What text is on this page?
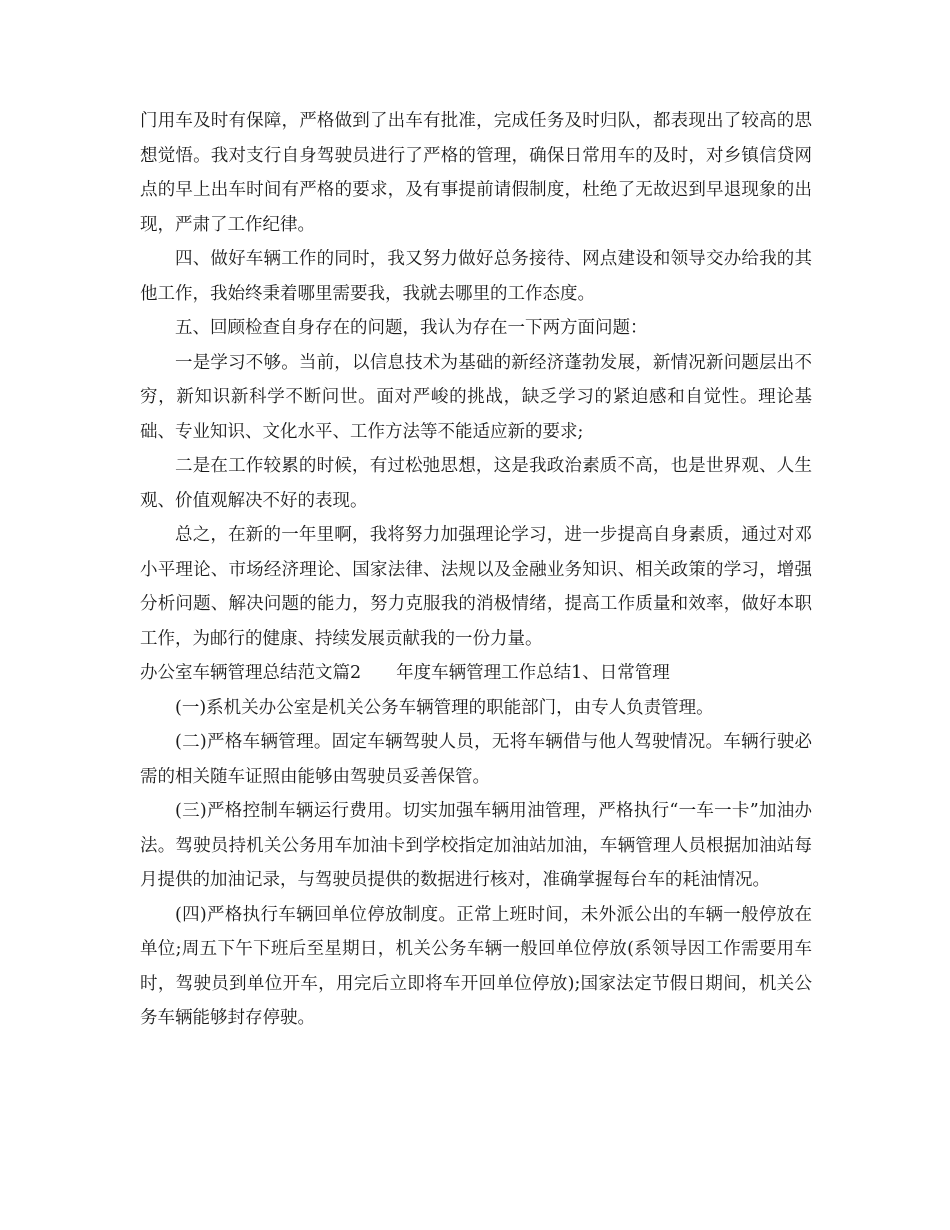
门用车及时有保障，严格做到了出车有批准，完成任务及时归队，都表现出了较高的思想觉悟。我对支行自身驾驶员进行了严格的管理，确保日常用车的及时，对乡镇信贷网点的早上出车时间有严格的要求，及有事提前请假制度，杜绝了无故迟到早退现象的出现，严肃了工作纪律。

四、做好车辆工作的同时，我又努力做好总务接待、网点建设和领导交办给我的其他工作，我始终秉着哪里需要我，我就去哪里的工作态度。

五、回顾检查自身存在的问题，我认为存在一下两方面问题：

一是学习不够。当前，以信息技术为基础的新经济蓬勃发展，新情况新问题层出不穷，新知识新科学不断问世。面对严峻的挑战，缺乏学习的紧迫感和自觉性。理论基础、专业知识、文化水平、工作方法等不能适应新的要求;

二是在工作较累的时候，有过松弛思想，这是我政治素质不高，也是世界观、人生观、价值观解决不好的表现。

总之，在新的一年里啊，我将努力加强理论学习，进一步提高自身素质，通过对邓小平理论、市场经济理论、国家法律、法规以及金融业务知识、相关政策的学习，增强分析问题、解决问题的能力，努力克服我的消极情绪，提高工作质量和效率，做好本职工作，为邮行的健康、持续发展贡献我的一份力量。

办公室车辆管理总结范文篇2　　年度车辆管理工作总结1、日常管理

(一)系机关办公室是机关公务车辆管理的职能部门，由专人负责管理。

(二)严格车辆管理。固定车辆驾驶人员，无将车辆借与他人驾驶情况。车辆行驶必需的相关随车证照由能够由驾驶员妥善保管。

(三)严格控制车辆运行费用。切实加强车辆用油管理，严格执行“一车一卡”加油办法。驾驶员持机关公务用车加油卡到学校指定加油站加油，车辆管理人员根据加油站每月提供的加油记录，与驾驶员提供的数据进行核对，准确掌握每台车的耗油情况。

(四)严格执行车辆回单位停放制度。正常上班时间，未外派公出的车辆一般停放在单位;周五下午下班后至星期日，机关公务车辆一般回单位停放(系领导因工作需要用车时，驾驶员到单位开车，用完后立即将车开回单位停放);国家法定节假日期间，机关公务车辆能够封存停驶。
